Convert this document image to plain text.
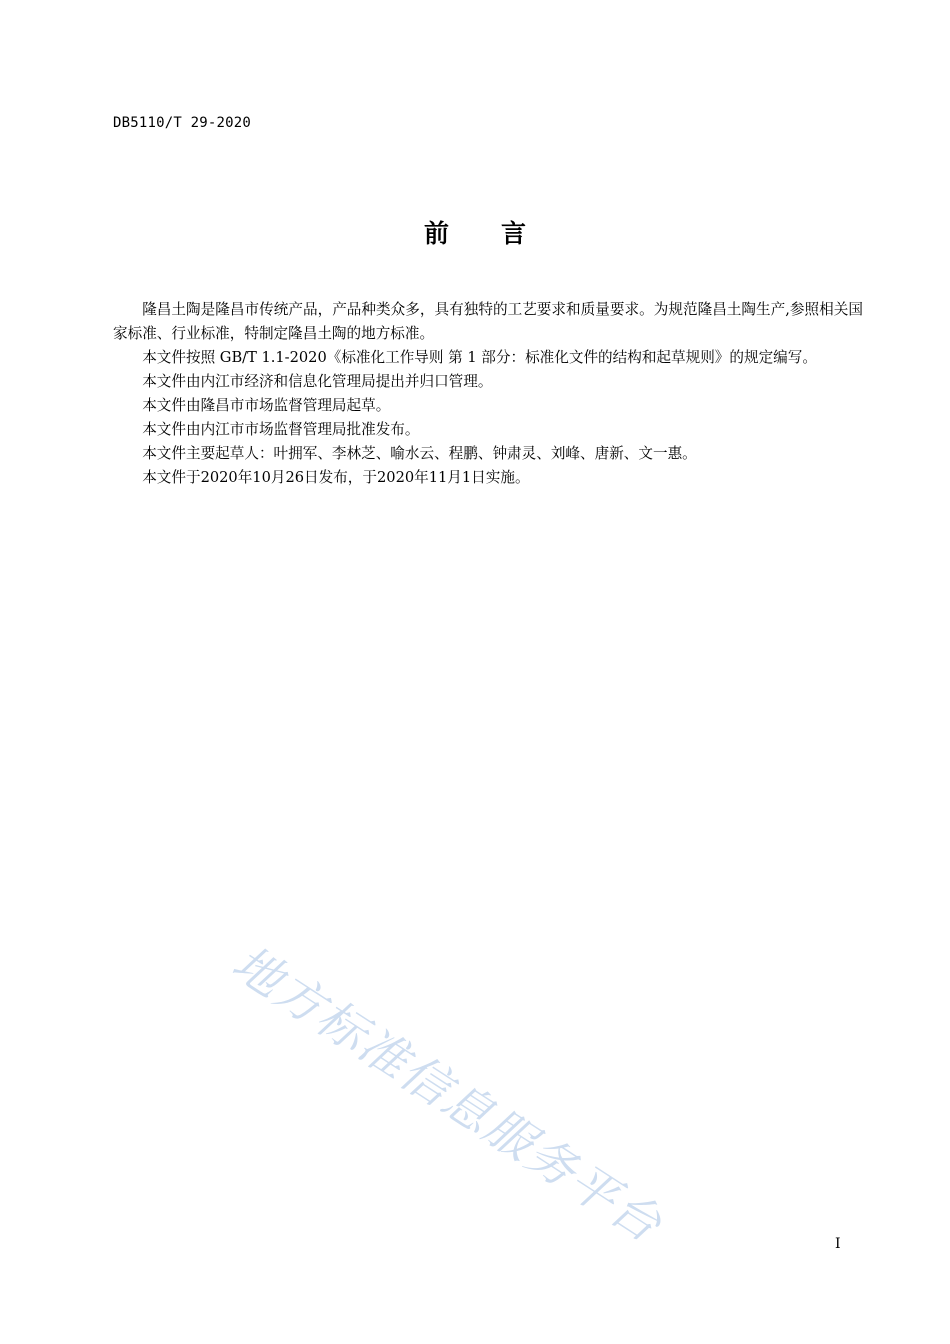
DB5110/T 29-2020
前 言

隆昌土陶是隆昌市传统产品，产品种类众多，具有独特的工艺要求和质量要求。为规范隆昌土陶生产,参照相关国家标准、行业标准，特制定隆昌土陶的地方标准。

本文件按照 GB/T 1.1-2020《标准化工作导则 第 1 部分：标准化文件的结构和起草规则》的规定编写。

本文件由内江市经济和信息化管理局提出并归口管理。

本文件由隆昌市市场监督管理局起草。

本文件由内江市市场监督管理局批准发布。

本文件主要起草人：叶拥军、李林芝、喻水云、程鹏、钟肃灵、刘峰、唐新、文一惠。

本文件于2020年10月26日发布，于2020年11月1日实施。

地方标准信息服务平台	I
